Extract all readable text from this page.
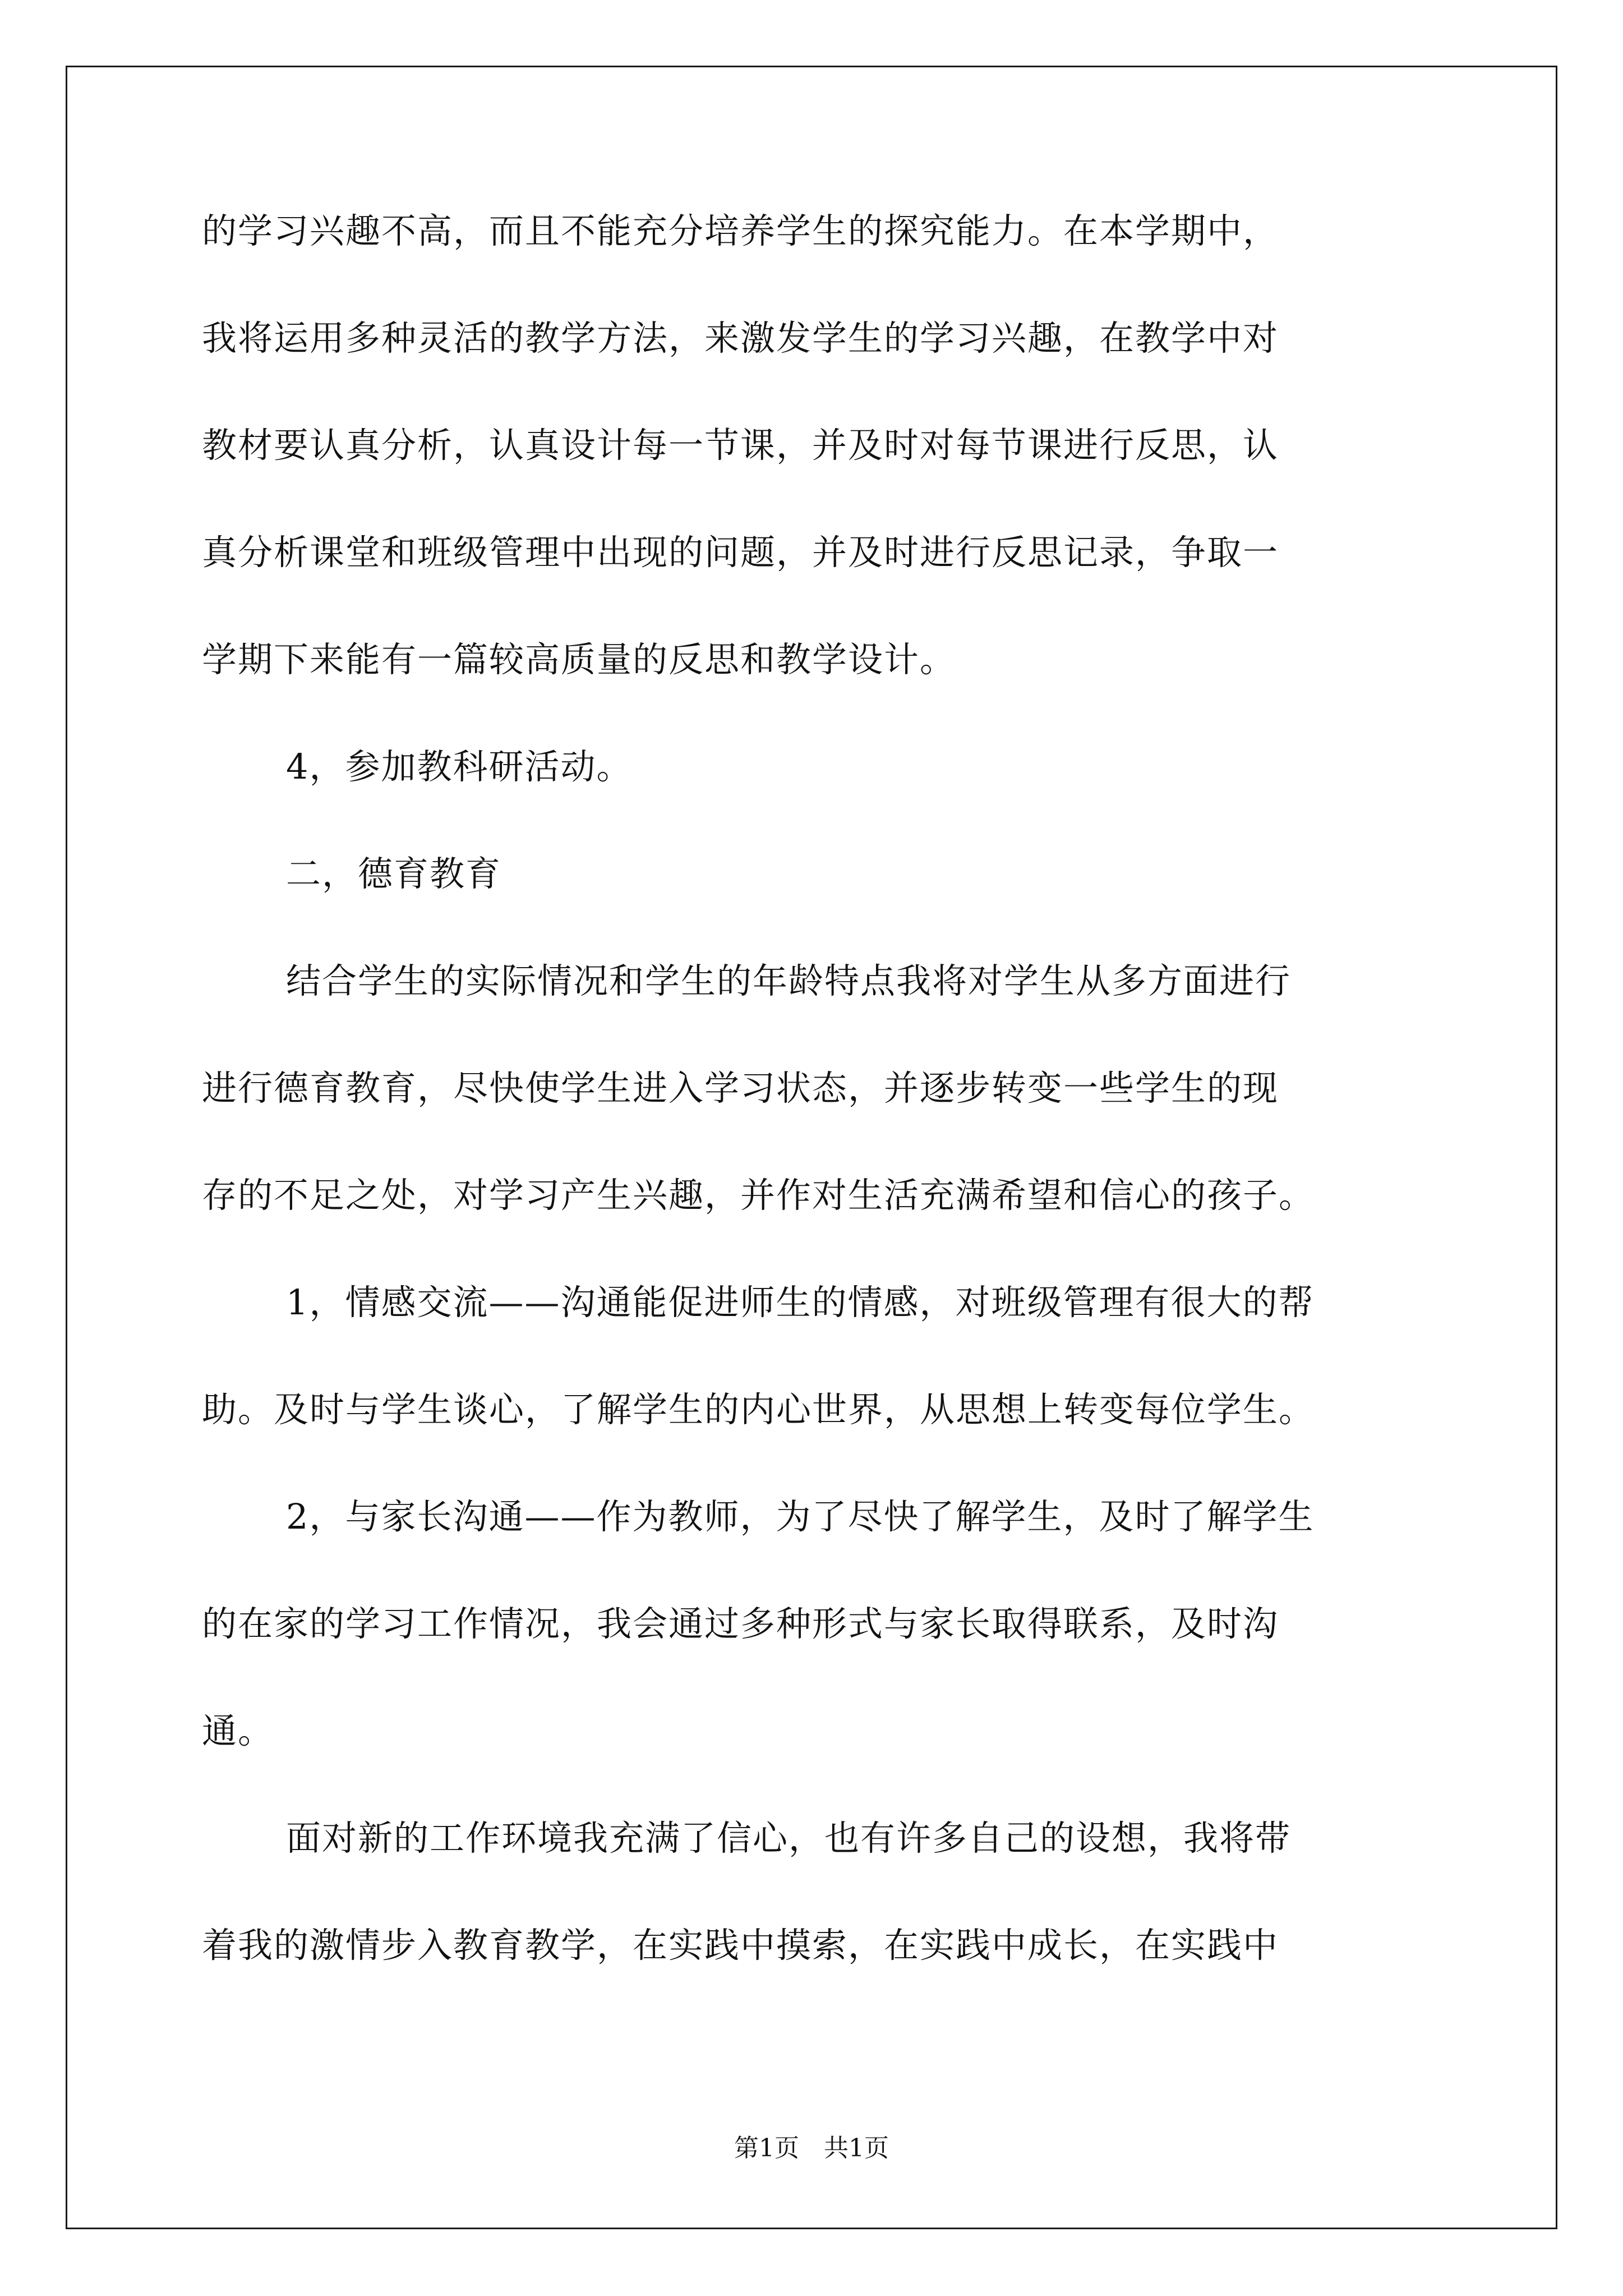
的学习兴趣不高，而且不能充分培养学生的探究能力。在本学期中，
我将运用多种灵活的教学方法，来激发学生的学习兴趣，在教学中对
教材要认真分析，认真设计每一节课，并及时对每节课进行反思，认
真分析课堂和班级管理中出现的问题，并及时进行反思记录，争取一
学期下来能有一篇较高质量的反思和教学设计。
4，参加教科研活动。
二，德育教育
结合学生的实际情况和学生的年龄特点我将对学生从多方面进行
进行德育教育，尽快使学生进入学习状态，并逐步转变一些学生的现
存的不足之处，对学习产生兴趣，并作对生活充满希望和信心的孩子。
1，情感交流——沟通能促进师生的情感，对班级管理有很大的帮
助。及时与学生谈心，了解学生的内心世界，从思想上转变每位学生。
2，与家长沟通——作为教师，为了尽快了解学生，及时了解学生
的在家的学习工作情况，我会通过多种形式与家长取得联系，及时沟
通。
面对新的工作环境我充满了信心，也有许多自己的设想，我将带
着我的激情步入教育教学，在实践中摸索，在实践中成长，在实践中
第1页　共1页
